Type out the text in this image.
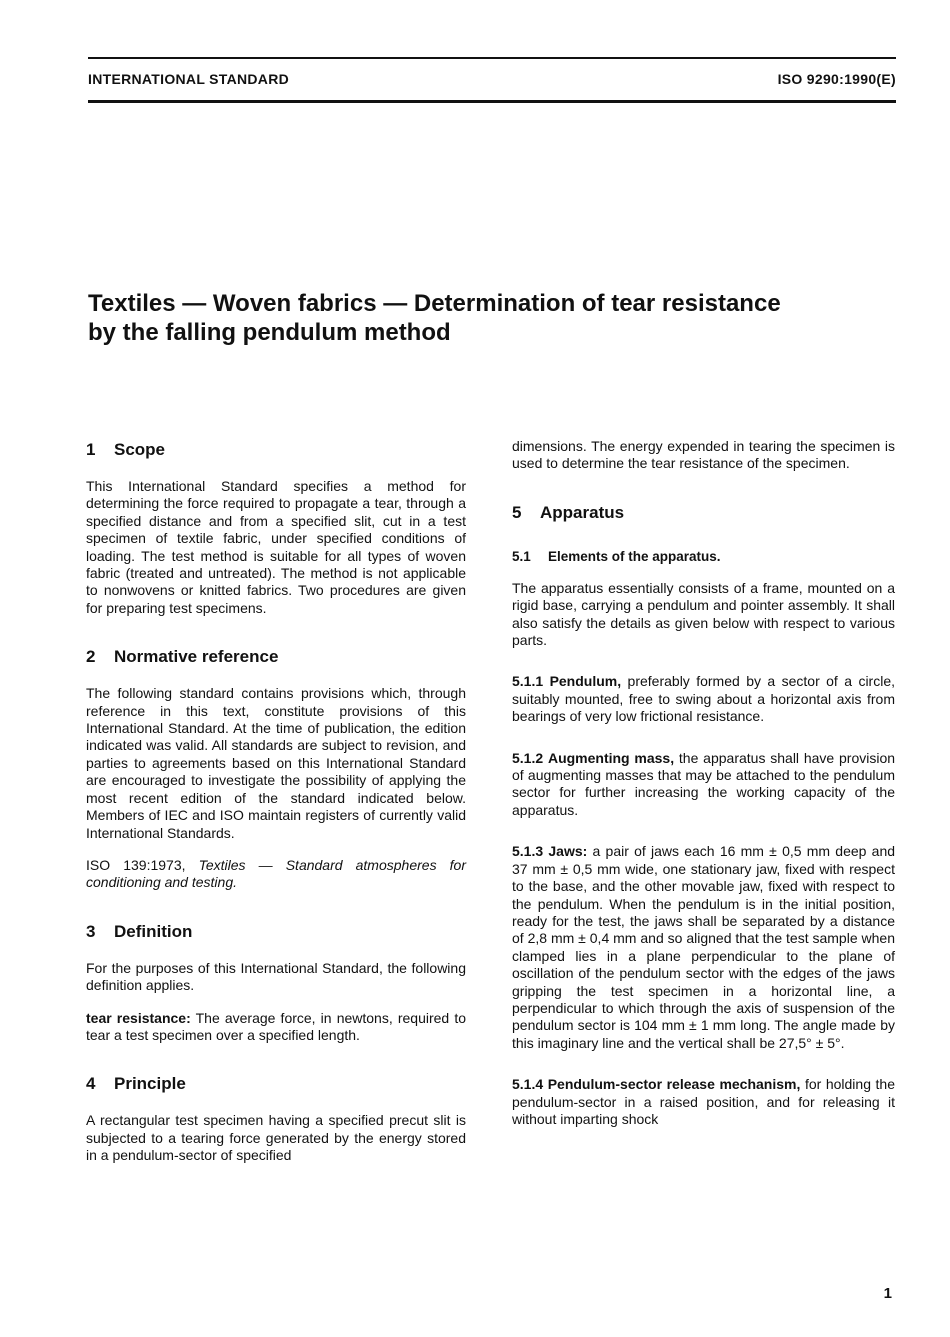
INTERNATIONAL STANDARD	ISO 9290:1990(E)
Textiles — Woven fabrics — Determination of tear resistance
by the falling pendulum method
1	Scope

This International Standard specifies a method for determining the force required to propagate a tear, through a specified distance and from a specified slit, cut in a test specimen of textile fabric, under specified conditions of loading. The test method is suitable for all types of woven fabric (treated and untreated). The method is not applicable to nonwovens or knitted fabrics. Two procedures are given for preparing test specimens.

2	Normative reference

The following standard contains provisions which, through reference in this text, constitute provisions of this International Standard. At the time of publication, the edition indicated was valid. All standards are subject to revision, and parties to agreements based on this International Standard are encouraged to investigate the possibility of applying the most recent edition of the standard indicated below. Members of IEC and ISO maintain registers of currently valid International Standards.

ISO 139:1973, Textiles — Standard atmospheres for conditioning and testing.

3	Definition

For the purposes of this International Standard, the following definition applies.

tear resistance: The average force, in newtons, required to tear a test specimen over a specified length.

4	Principle

A rectangular test specimen having a specified precut slit is subjected to a tearing force generated by the energy stored in a pendulum-sector of specified

dimensions. The energy expended in tearing the specimen is used to determine the tear resistance of the specimen.

5	Apparatus
5.1	Elements of the apparatus.

The apparatus essentially consists of a frame, mounted on a rigid base, carrying a pendulum and pointer assembly. It shall also satisfy the details as given below with respect to various parts.

5.1.1 Pendulum, preferably formed by a sector of a circle, suitably mounted, free to swing about a horizontal axis from bearings of very low frictional resistance.

5.1.2 Augmenting mass, the apparatus shall have provision of augmenting masses that may be attached to the pendulum sector for further increasing the working capacity of the apparatus.

5.1.3 Jaws: a pair of jaws each 16 mm ± 0,5 mm deep and 37 mm ± 0,5 mm wide, one stationary jaw, fixed with respect to the base, and the other movable jaw, fixed with respect to the pendulum. When the pendulum is in the initial position, ready for the test, the jaws shall be separated by a distance of 2,8 mm ± 0,4 mm and so aligned that the test sample when clamped lies in a plane perpendicular to the plane of oscillation of the pendulum sector with the edges of the jaws gripping the test specimen in a horizontal line, a perpendicular to which through the axis of suspension of the pendulum sector is 104 mm ± 1 mm long. The angle made by this imaginary line and the vertical shall be 27,5° ± 5°.

5.1.4 Pendulum-sector release mechanism, for holding the pendulum-sector in a raised position, and for releasing it without imparting shock

1
